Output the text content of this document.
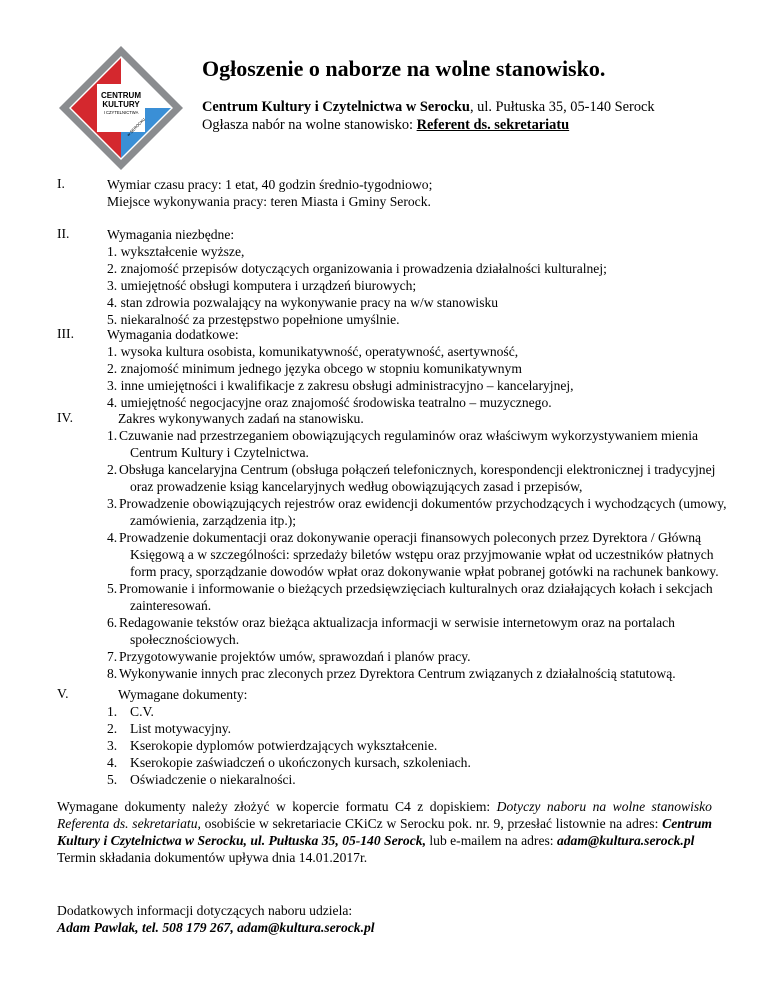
CENTRUM
KULTURY
I CZYTELNICTWA
w SEROCKU
Ogłoszenie o naborze na wolne stanowisko.
Centrum Kultury i Czytelnictwa w Serocku, ul. Pułtuska 35, 05-140 Serock
Ogłasza nabór na wolne stanowisko: Referent ds. sekretariatu
I.	Wymiar czasu pracy: 1 etat, 40 godzin średnio-tygodniowo;
Miejsce wykonywania pracy: teren Miasta i Gminy Serock.
II.	Wymagania niezbędne:
1. wykształcenie wyższe,
2. znajomość przepisów dotyczących organizowania i prowadzenia działalności kulturalnej;
3. umiejętność obsługi komputera i urządzeń biurowych;
4. stan zdrowia pozwalający na wykonywanie pracy na w/w stanowisku
5. niekaralność za przestępstwo popełnione umyślnie.
III.	Wymagania dodatkowe:
1. wysoka kultura osobista, komunikatywność, operatywność, asertywność,
2. znajomość minimum jednego języka obcego w stopniu komunikatywnym
3. inne umiejętności i kwalifikacje z zakresu obsługi administracyjno – kancelaryjnej,
4. umiejętność negocjacyjne oraz znajomość środowiska teatralno – muzycznego.
IV.	Zakres wykonywanych zadań na stanowisku.
1. Czuwanie nad przestrzeganiem obowiązujących regulaminów oraz właściwym wykorzystywaniem mienia Centrum Kultury i Czytelnictwa.
2. Obsługa kancelaryjna Centrum (obsługa połączeń telefonicznych, korespondencji elektronicznej i tradycyjnej oraz prowadzenie ksiąg kancelaryjnych według obowiązujących zasad i przepisów,
3. Prowadzenie obowiązujących rejestrów oraz ewidencji dokumentów przychodzących i wychodzących (umowy, zamówienia, zarządzenia itp.);
4. Prowadzenie dokumentacji oraz dokonywanie operacji finansowych poleconych przez Dyrektora / Główną Księgową a w szczególności: sprzedaży biletów wstępu oraz przyjmowanie wpłat od uczestników płatnych form pracy, sporządzanie dowodów wpłat oraz dokonywanie wpłat pobranej gotówki na rachunek bankowy.
5. Promowanie i informowanie o bieżących przedsięwzięciach kulturalnych oraz działających kołach i sekcjach zainteresowań.
6. Redagowanie tekstów oraz bieżąca aktualizacja informacji w serwisie internetowym oraz na portalach społecznościowych.
7. Przygotowywanie projektów umów, sprawozdań i planów pracy.
8. Wykonywanie innych prac zleconych przez Dyrektora Centrum związanych z działalnością statutową.
V.	Wymagane dokumenty:
1. C.V.
2. List motywacyjny.
3. Kserokopie dyplomów potwierdzających wykształcenie.
4. Kserokopie zaświadczeń o ukończonych kursach, szkoleniach.
5. Oświadczenie o niekaralności.
Wymagane dokumenty należy złożyć w kopercie formatu C4 z dopiskiem: Dotyczy naboru na wolne stanowisko Referenta ds. sekretariatu, osobiście w sekretariacie CKiCz w Serocku pok. nr. 9, przesłać listownie na adres: Centrum Kultury i Czytelnictwa w Serocku, ul. Pułtuska 35, 05-140 Serock, lub e-mailem na adres: adam@kultura.serock.pl
Termin składania dokumentów upływa dnia 14.01.2017r.
Dodatkowych informacji dotyczących naboru udziela:
Adam Pawlak, tel. 508 179 267, adam@kultura.serock.pl
